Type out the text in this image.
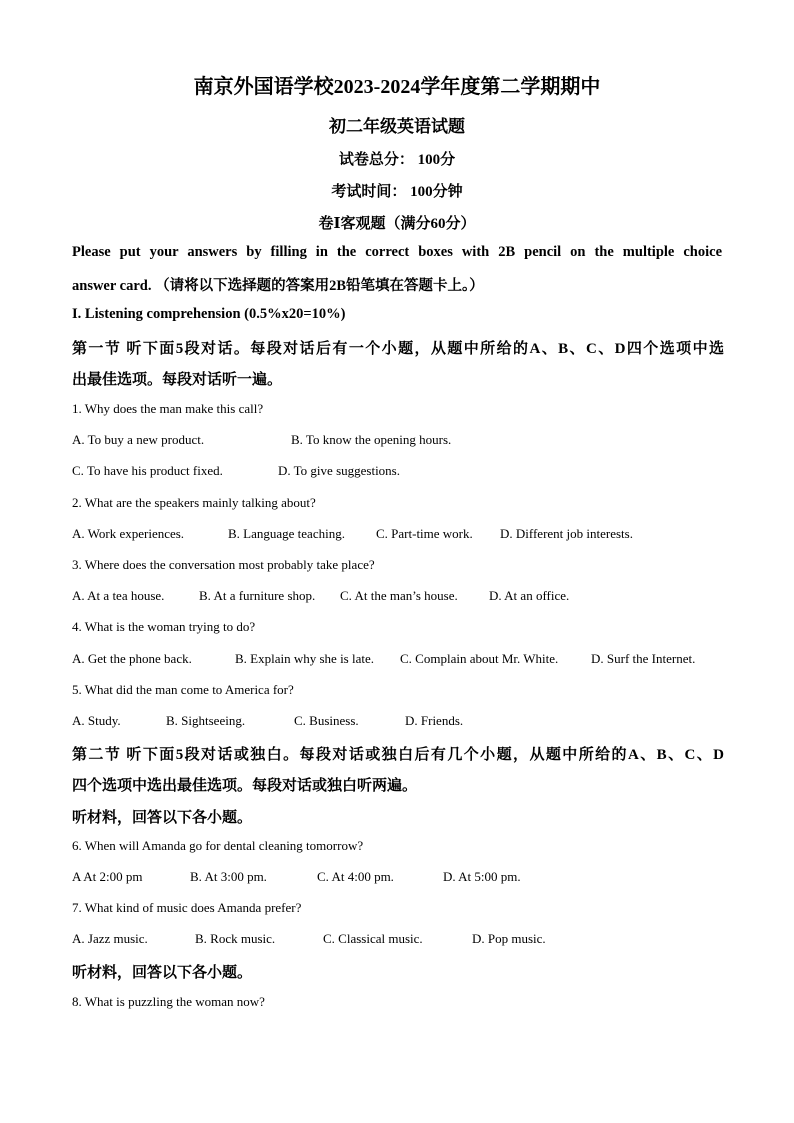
南京外国语学校2023-2024学年度第二学期期中
初二年级英语试题
试卷总分： 100分
考试时间： 100分钟
卷Ⅰ客观题（满分60分）
Please put your answers by filling in the correct boxes with 2B pencil on the multiple choice
answer card. （请将以下选择题的答案用2B铅笔填在答题卡上。）
I. Listening comprehension (0.5%x20=10%)
第一节 听下面5段对话。每段对话后有一个小题，从题中所给的A、B、C、D四个选项中选
出最佳选项。每段对话听一遍。
1. Why does the man make this call?
A. To buy a new product.	B. To know the opening hours.
C. To have his product fixed.	D. To give suggestions.
2. What are the speakers mainly talking about?
A. Work experiences.	B. Language teaching. C. Part-time work. D. Different job interests.
3. Where does the conversation most probably take place?
A. At a tea house.	B. At a furniture shop. C. At the man’s house. D. At an office.
4. What is the woman trying to do?
A. Get the phone back.	B. Explain why she is late. C. Complain about Mr. White.	D. Surf the Internet.
5. What did the man come to America for?
A. Study.	B. Sightseeing.	C. Business.	D. Friends.
第二节 听下面5段对话或独白。每段对话或独白后有几个小题，从题中所给的A、B、C、D
四个选项中选出最佳选项。每段对话或独白听两遍。
听材料，回答以下各小题。
6. When will Amanda go for dental cleaning tomorrow?
A At 2:00 pm	B. At 3:00 pm.	C. At 4:00 pm.	D. At 5:00 pm.
7. What kind of music does Amanda prefer?
A. Jazz music.	B. Rock music.	C. Classical music.	D. Pop music.
听材料，回答以下各小题。
8. What is puzzling the woman now?
